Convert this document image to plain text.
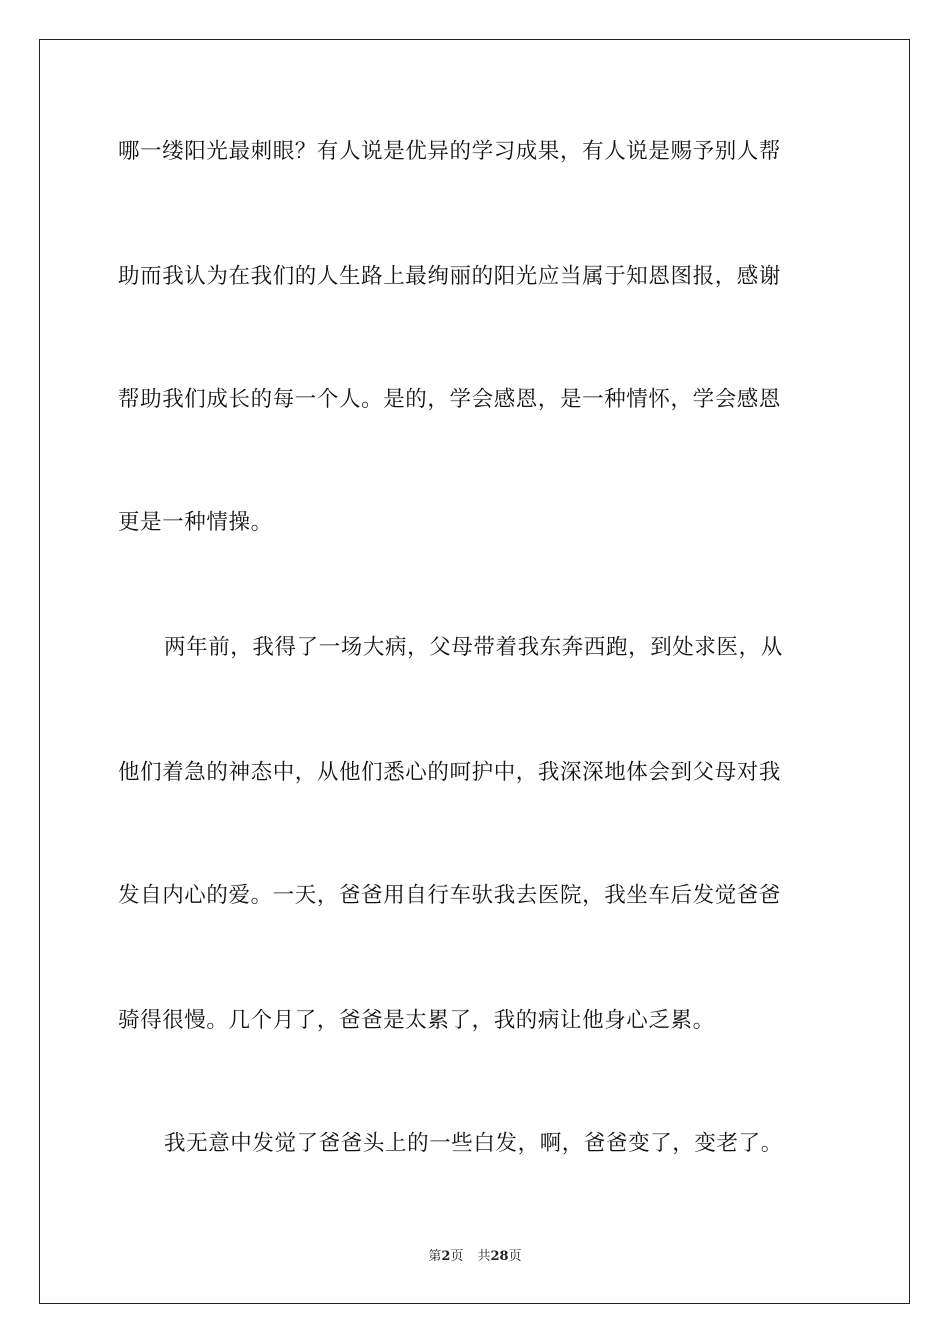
哪一缕阳光最刺眼？有人说是优异的学习成果，有人说是赐予别人帮
助而我认为在我们的人生路上最绚丽的阳光应当属于知恩图报，感谢
帮助我们成长的每一个人。是的，学会感恩，是一种情怀，学会感恩
更是一种情操。
两年前，我得了一场大病，父母带着我东奔西跑，到处求医，从
他们着急的神态中，从他们悉心的呵护中，我深深地体会到父母对我
发自内心的爱。一天，爸爸用自行车驮我去医院，我坐车后发觉爸爸
骑得很慢。几个月了，爸爸是太累了，我的病让他身心乏累。
我无意中发觉了爸爸头上的一些白发，啊，爸爸变了，变老了。
第2页 共28页
